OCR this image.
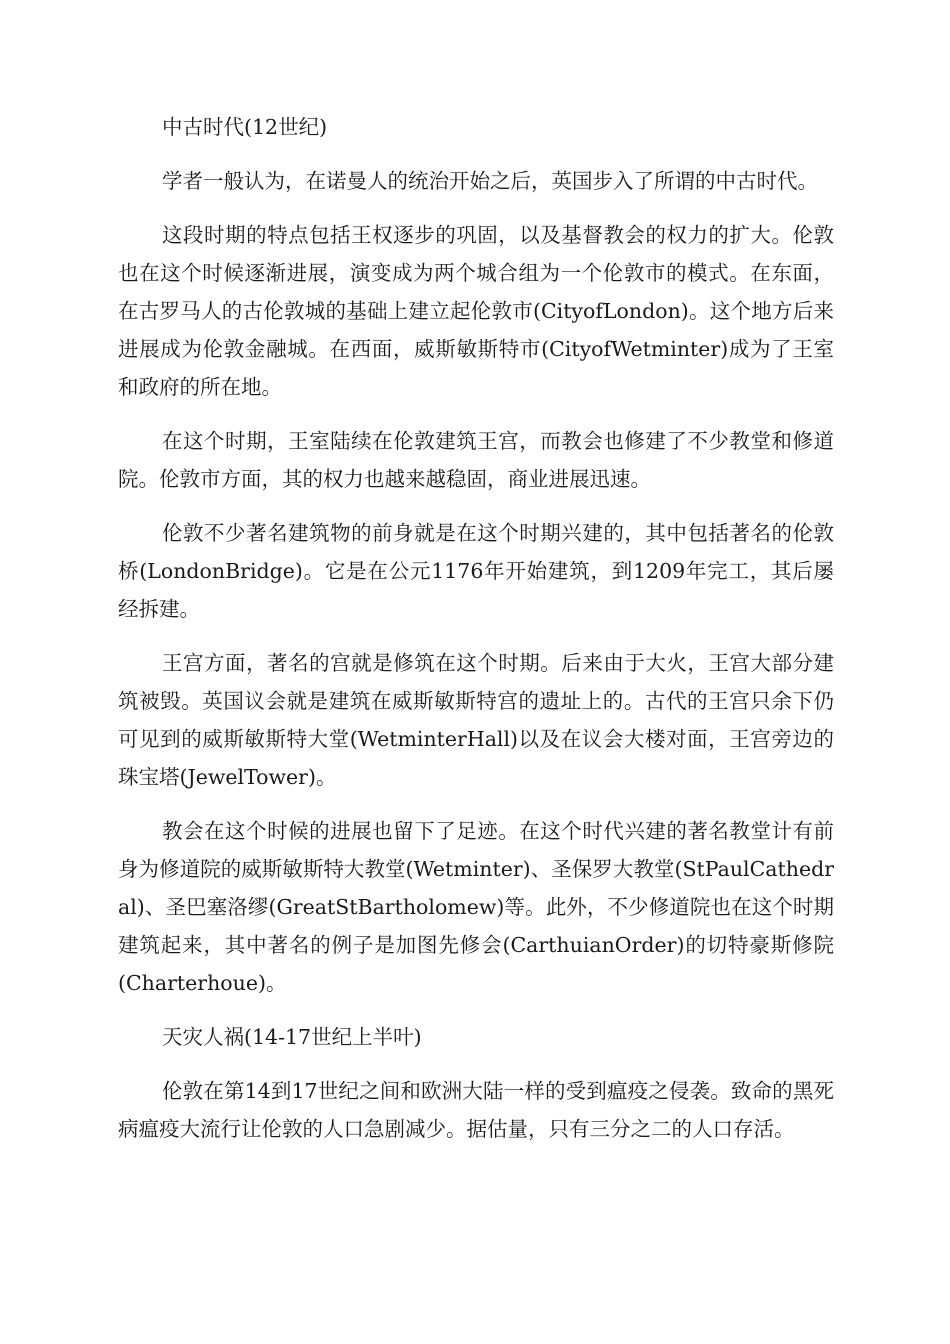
中古时代(12世纪)

学者一般认为，在诺曼人的统治开始之后，英国步入了所谓的中古时代。

这段时期的特点包括王权逐步的巩固，以及基督教会的权力的扩大。伦敦也在这个时候逐渐进展，演变成为两个城合组为一个伦敦市的模式。在东面，在古罗马人的古伦敦城的基础上建立起伦敦市(CityofLondon)。这个地方后来进展成为伦敦金融城。在西面，威斯敏斯特市(CityofWetminter)成为了王室和政府的所在地。

在这个时期，王室陆续在伦敦建筑王宫，而教会也修建了不少教堂和修道院。伦敦市方面，其的权力也越来越稳固，商业进展迅速。

伦敦不少著名建筑物的前身就是在这个时期兴建的，其中包括著名的伦敦桥(LondonBridge)。它是在公元1176年开始建筑，到1209年完工，其后屡经拆建。

王宫方面，著名的宫就是修筑在这个时期。后来由于大火，王宫大部分建筑被毁。英国议会就是建筑在威斯敏斯特宫的遗址上的。古代的王宫只余下仍可见到的威斯敏斯特大堂(WetminterHall)以及在议会大楼对面，王宫旁边的珠宝塔(JewelTower)。

教会在这个时候的进展也留下了足迹。在这个时代兴建的著名教堂计有前身为修道院的威斯敏斯特大教堂(Wetminter)、圣保罗大教堂(StPaulCathedral)、圣巴塞洛缪(GreatStBartholomew)等。此外，不少修道院也在这个时期建筑起来，其中著名的例子是加图先修会(CarthuianOrder)的切特豪斯修院(Charterhoue)。

天灾人祸(14-17世纪上半叶)

伦敦在第14到17世纪之间和欧洲大陆一样的受到瘟疫之侵袭。致命的黑死病瘟疫大流行让伦敦的人口急剧减少。据估量，只有三分之二的人口存活。
